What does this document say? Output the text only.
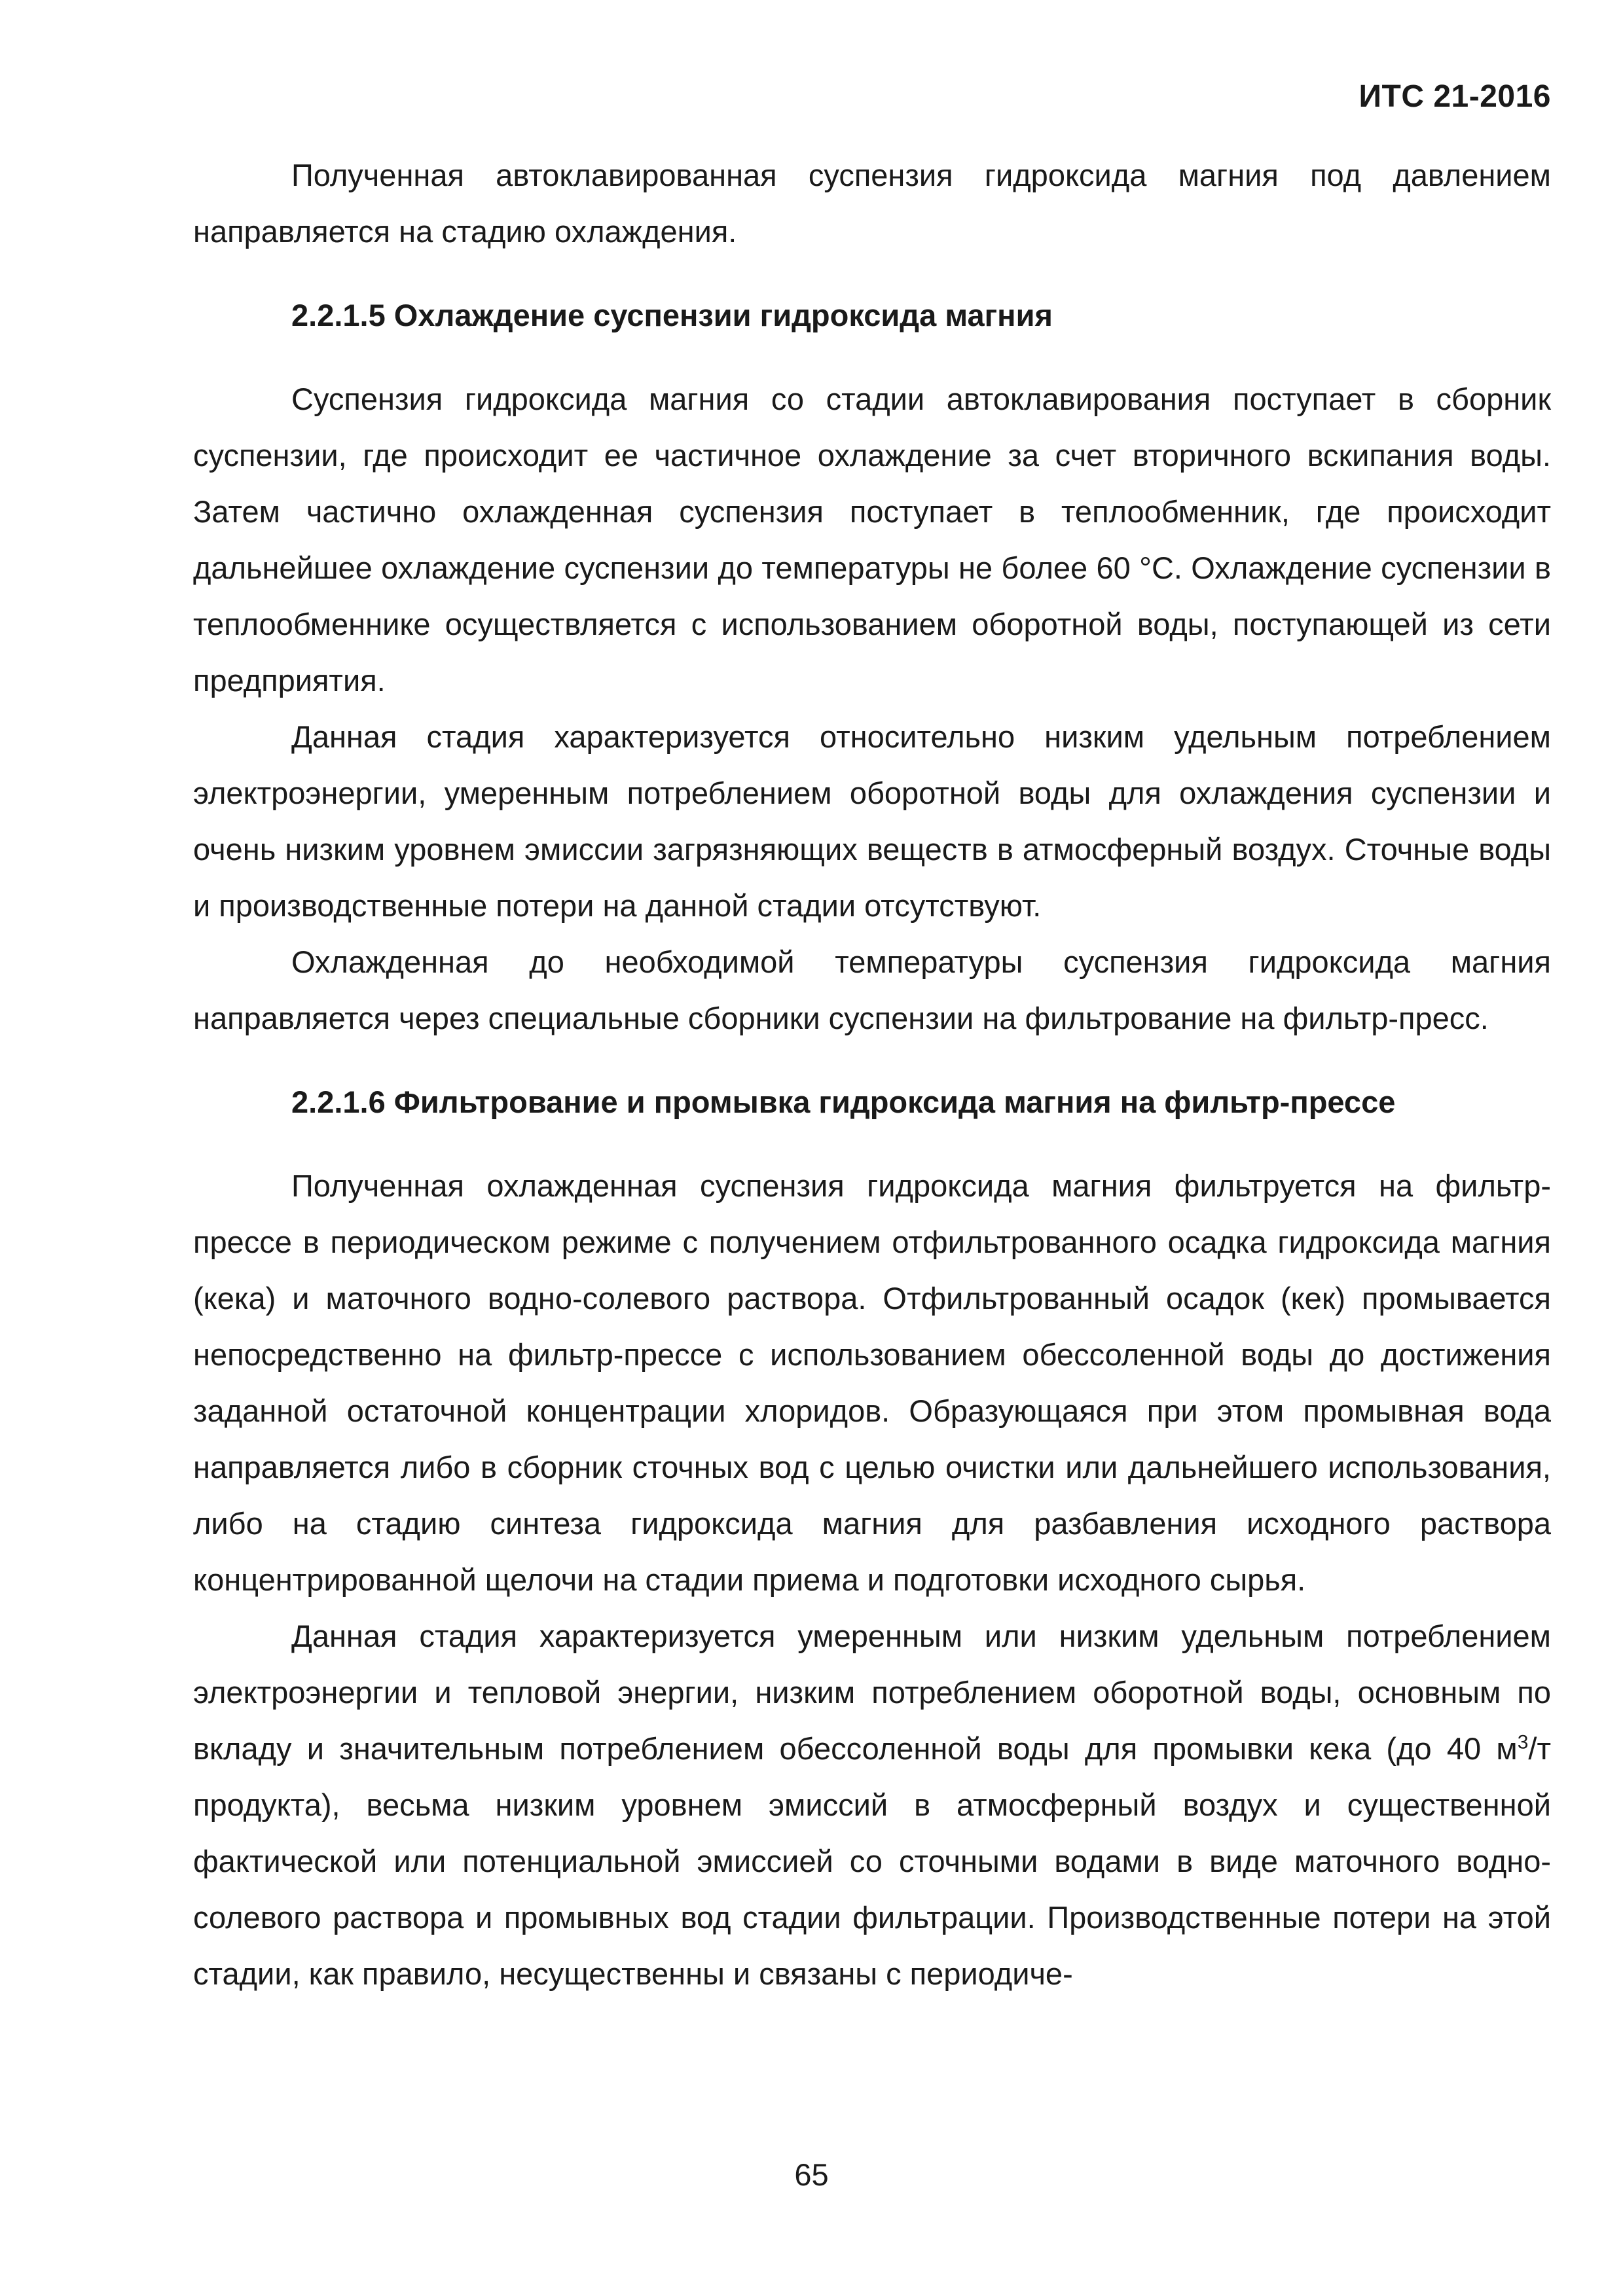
ИТС 21-2016

Полученная автоклавированная суспензия гидроксида магния под давлением направляется на стадию охлаждения.

2.2.1.5 Охлаждение суспензии гидроксида магния

Суспензия гидроксида магния со стадии автоклавирования поступает в сборник суспензии, где происходит ее частичное охлаждение за счет вторичного вскипания воды. Затем частично охлажденная суспензия поступает в теплообменник, где происходит дальнейшее охлаждение суспензии до температуры не более 60 °С. Охлаждение суспензии в теплообменнике осуществляется с использованием оборотной воды, поступающей из сети предприятия.

Данная стадия характеризуется относительно низким удельным потреблением электроэнергии, умеренным потреблением оборотной воды для охлаждения суспензии и очень низким уровнем эмиссии загрязняющих веществ в атмосферный воздух. Сточные воды и производственные потери на данной стадии отсутствуют.

Охлажденная до необходимой температуры суспензия гидроксида магния направляется через специальные сборники суспензии на фильтрование на фильтр-пресс.

2.2.1.6 Фильтрование и промывка гидроксида магния на фильтр-прессе

Полученная охлажденная суспензия гидроксида магния фильтруется на фильтр-прессе в периодическом режиме с получением отфильтрованного осадка гидроксида магния (кека) и маточного водно-солевого раствора. Отфильтрованный осадок (кек) промывается непосредственно на фильтр-прессе с использованием обессоленной воды до достижения заданной остаточной концентрации хлоридов. Образующаяся при этом промывная вода направляется либо в сборник сточных вод с целью очистки или дальнейшего использования, либо на стадию синтеза гидроксида магния для разбавления исходного раствора концентрированной щелочи на стадии приема и подготовки исходного сырья.

Данная стадия характеризуется умеренным или низким удельным потреблением электроэнергии и тепловой энергии, низким потреблением оборотной воды, основным по вкладу и значительным потреблением обессоленной воды для промывки кека (до 40 $м^3/т$ продукта), весьма низким уровнем эмиссий в атмосферный воздух и существенной фактической или потенциальной эмиссией со сточными водами в виде маточного водно-солевого раствора и промывных вод стадии фильтрации. Производственные потери на этой стадии, как правило, несущественны и связаны с периодиче-

65
